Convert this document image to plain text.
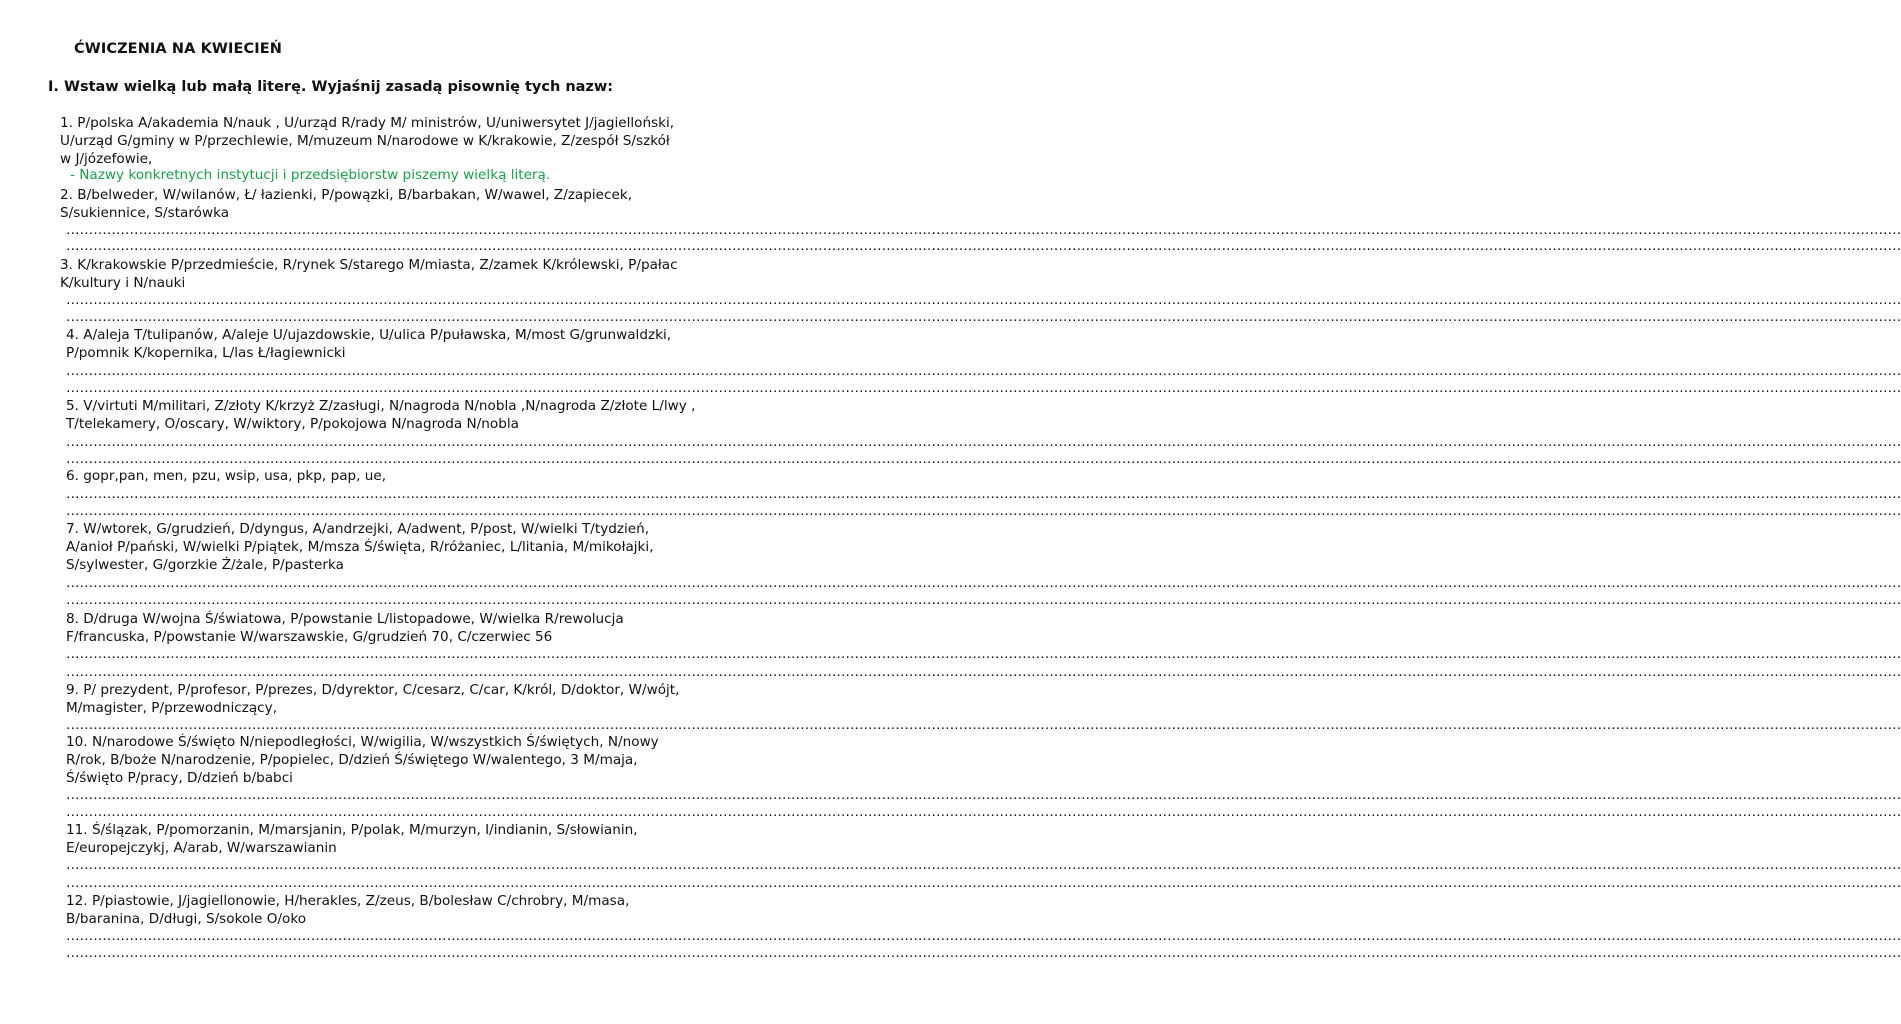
ĆWICZENIA NA KWIECIEŃ
I. Wstaw wielką lub małą literę. Wyjaśnij zasadą pisownię tych nazw:
1. P/polska A/akademia N/nauk , U/urząd R/rady M/ ministrów, U/uniwersytet J/jagielloński,
U/urząd G/gminy w P/przechlewie, M/muzeum N/narodowe w K/krakowie, Z/zespół S/szkół
w J/józefowie,
- Nazwy konkretnych instytucji i przedsiębiorstw piszemy wielką literą.
2. B/belweder, W/wilanów, Ł/ łazienki, P/powązki, B/barbakan, W/wawel, Z/zapiecek,
S/sukiennice, S/starówka
………………………………………………………………………………………………………………………………………………………………………………………………………………………………………………………………………………………………………………………………………………………………………
………………………………………………………………………………………………………………………………………………………………………………………………………………………………………………………………………………………………………………………………………………………………………
3. K/krakowskie P/przedmieście, R/rynek S/starego M/miasta, Z/zamek K/królewski, P/pałac
K/kultury i N/nauki
………………………………………………………………………………………………………………………………………………………………………………………………………………………………………………………………………………………………………………………………………………………………………
………………………………………………………………………………………………………………………………………………………………………………………………………………………………………………………………………………………………………………………………………………………………………
4. A/aleja T/tulipanów, A/aleje U/ujazdowskie, U/ulica P/puławska, M/most G/grunwaldzki,
P/pomnik K/kopernika, L/las Ł/łagiewnicki
………………………………………………………………………………………………………………………………………………………………………………………………………………………………………………………………………………………………………………………………………………………………………
………………………………………………………………………………………………………………………………………………………………………………………………………………………………………………………………………………………………………………………………………………………………………
5. V/virtuti M/militari, Z/złoty K/krzyż Z/zasługi, N/nagroda N/nobla ,N/nagroda Z/złote L/lwy ,
T/telekamery, O/oscary, W/wiktory, P/pokojowa N/nagroda N/nobla
………………………………………………………………………………………………………………………………………………………………………………………………………………………………………………………………………………………………………………………………………………………………………
………………………………………………………………………………………………………………………………………………………………………………………………………………………………………………………………………………………………………………………………………………………………………
6. gopr,pan, men, pzu, wsip, usa, pkp, pap, ue,
………………………………………………………………………………………………………………………………………………………………………………………………………………………………………………………………………………………………………………………………………………………………………
………………………………………………………………………………………………………………………………………………………………………………………………………………………………………………………………………………………………………………………………………………………………………
7. W/wtorek, G/grudzień, D/dyngus, A/andrzejki, A/adwent, P/post, W/wielki T/tydzień,
A/anioł P/pański, W/wielki P/piątek, M/msza Ś/święta, R/różaniec, L/litania, M/mikołajki,
S/sylwester, G/gorzkie Ż/żale, P/pasterka
………………………………………………………………………………………………………………………………………………………………………………………………………………………………………………………………………………………………………………………………………………………………………
………………………………………………………………………………………………………………………………………………………………………………………………………………………………………………………………………………………………………………………………………………………………………
8. D/druga W/wojna Ś/światowa, P/powstanie L/listopadowe, W/wielka R/rewolucja
F/francuska, P/powstanie W/warszawskie, G/grudzień 70, C/czerwiec 56
………………………………………………………………………………………………………………………………………………………………………………………………………………………………………………………………………………………………………………………………………………………………………
………………………………………………………………………………………………………………………………………………………………………………………………………………………………………………………………………………………………………………………………………………………………………
9. P/ prezydent, P/profesor, P/prezes, D/dyrektor, C/cesarz, C/car, K/król, D/doktor, W/wójt,
M/magister, P/przewodniczący,
………………………………………………………………………………………………………………………………………………………………………………………………………………………………………………………………………………………………………………………………………………………………………
10. N/narodowe Ś/święto N/niepodległości, W/wigilia, W/wszystkich Ś/świętych, N/nowy
R/rok, B/boże N/narodzenie, P/popielec, D/dzień Ś/świętego W/walentego, 3 M/maja,
Ś/święto P/pracy, D/dzień b/babci
………………………………………………………………………………………………………………………………………………………………………………………………………………………………………………………………………………………………………………………………………………………………………
………………………………………………………………………………………………………………………………………………………………………………………………………………………………………………………………………………………………………………………………………………………………………
11. Ś/ślązak, P/pomorzanin, M/marsjanin, P/polak, M/murzyn, I/indianin, S/słowianin,
E/europejczykj, A/arab, W/warszawianin
………………………………………………………………………………………………………………………………………………………………………………………………………………………………………………………………………………………………………………………………………………………………………
………………………………………………………………………………………………………………………………………………………………………………………………………………………………………………………………………………………………………………………………………………………………………
12. P/piastowie, J/jagiellonowie, H/herakles, Z/zeus, B/bolesław C/chrobry, M/masa,
B/baranina, D/długi, S/sokole O/oko
………………………………………………………………………………………………………………………………………………………………………………………………………………………………………………………………………………………………………………………………………………………………………
………………………………………………………………………………………………………………………………………………………………………………………………………………………………………………………………………………………………………………………………………………………………………
